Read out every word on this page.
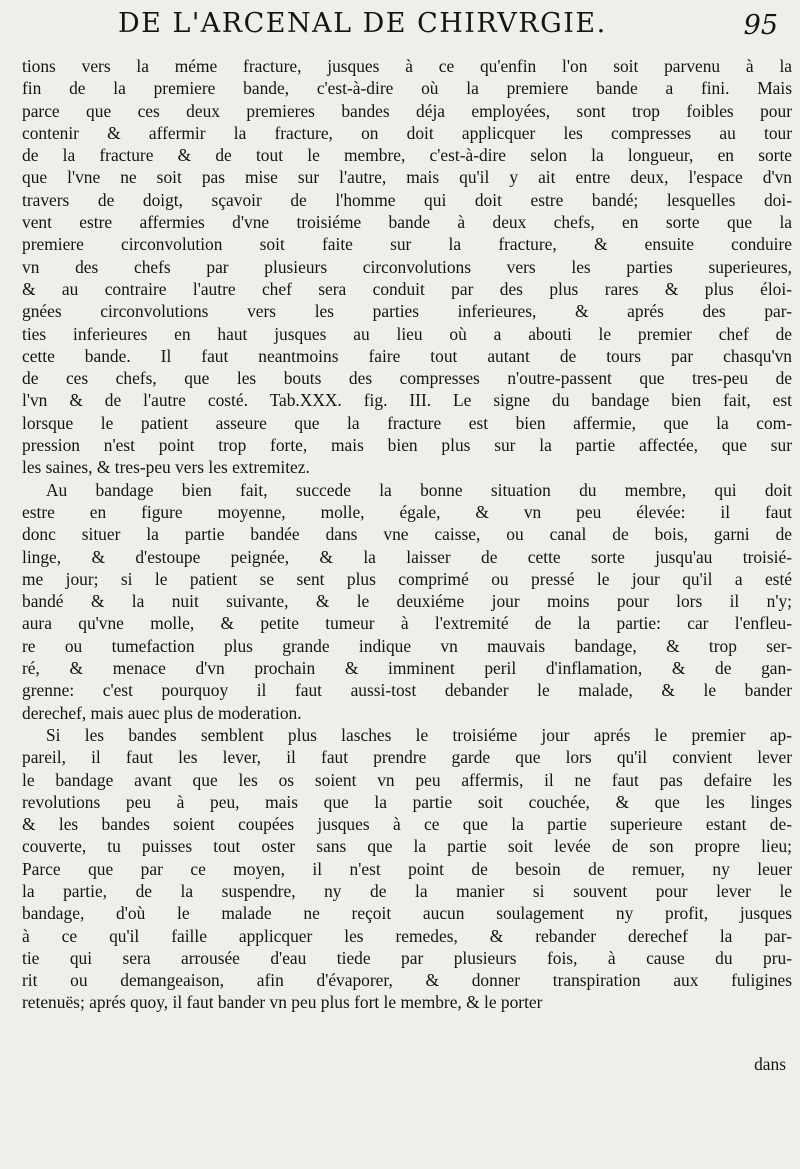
DE L'ARCENAL DE CHIRVRGIE.	95
tions vers la méme fracture, jusques à ce qu'enfin l'on soit parvenu à la
fin de la premiere bande, c'est-à-dire où la premiere bande a fini. Mais
parce que ces deux premieres bandes déja employées, sont trop foibles pour
contenir & affermir la fracture, on doit applicquer les compresses au tour
de la fracture & de tout le membre, c'est-à-dire selon la longueur, en sorte
que l'vne ne soit pas mise sur l'autre, mais qu'il y ait entre deux, l'espace d'vn
travers de doigt, sçavoir de l'homme qui doit estre bandé; lesquelles doi-
vent estre affermies d'vne troisiéme bande à deux chefs, en sorte que la
premiere circonvolution soit faite sur la fracture, & ensuite conduire
vn des chefs par plusieurs circonvolutions vers les parties superieures,
& au contraire l'autre chef sera conduit par des plus rares & plus éloi-
gnées circonvolutions vers les parties inferieures, & aprés des par-
ties inferieures en haut jusques au lieu où a abouti le premier chef de
cette bande. Il faut neantmoins faire tout autant de tours par chasqu'vn
de ces chefs, que les bouts des compresses n'outre-passent que tres-peu de
l'vn & de l'autre costé. Tab.XXX. fig. III. Le signe du bandage bien fait, est
lorsque le patient asseure que la fracture est bien affermie, que la com-
pression n'est point trop forte, mais bien plus sur la partie affectée, que sur
les saines, & tres-peu vers les extremitez.
Au bandage bien fait, succede la bonne situation du membre, qui doit
estre en figure moyenne, molle, égale, & vn peu élevée: il faut
donc situer la partie bandée dans vne caisse, ou canal de bois, garni de
linge, & d'estoupe peignée, & la laisser de cette sorte jusqu'au troisié-
me jour; si le patient se sent plus comprimé ou pressé le jour qu'il a esté
bandé & la nuit suivante, & le deuxiéme jour moins pour lors il n'y;
aura qu'vne molle, & petite tumeur à l'extremité de la partie: car l'enfleu-
re ou tumefaction plus grande indique vn mauvais bandage, & trop ser-
ré, & menace d'vn prochain & imminent peril d'inflamation, & de gan-
grenne: c'est pourquoy il faut aussi-tost debander le malade, & le bander
derechef, mais auec plus de moderation.
Si les bandes semblent plus lasches le troisiéme jour aprés le premier ap-
pareil, il faut les lever, il faut prendre garde que lors qu'il convient lever
le bandage avant que les os soient vn peu affermis, il ne faut pas defaire les
revolutions peu à peu, mais que la partie soit couchée, & que les linges
& les bandes soient coupées jusques à ce que la partie superieure estant de-
couverte, tu puisses tout oster sans que la partie soit levée de son propre lieu;
Parce que par ce moyen, il n'est point de besoin de remuer, ny leuer
la partie, de la suspendre, ny de la manier si souvent pour lever le
bandage, d'où le malade ne reçoit aucun soulagement ny profit, jusques
à ce qu'il faille applicquer les remedes, & rebander derechef la par-
tie qui sera arrousée d'eau tiede par plusieurs fois, à cause du pru-
rit ou demangeaison, afin d'évaporer, & donner transpiration aux fuligines
retenuës; aprés quoy, il faut bander vn peu plus fort le membre, & le porter
dans
